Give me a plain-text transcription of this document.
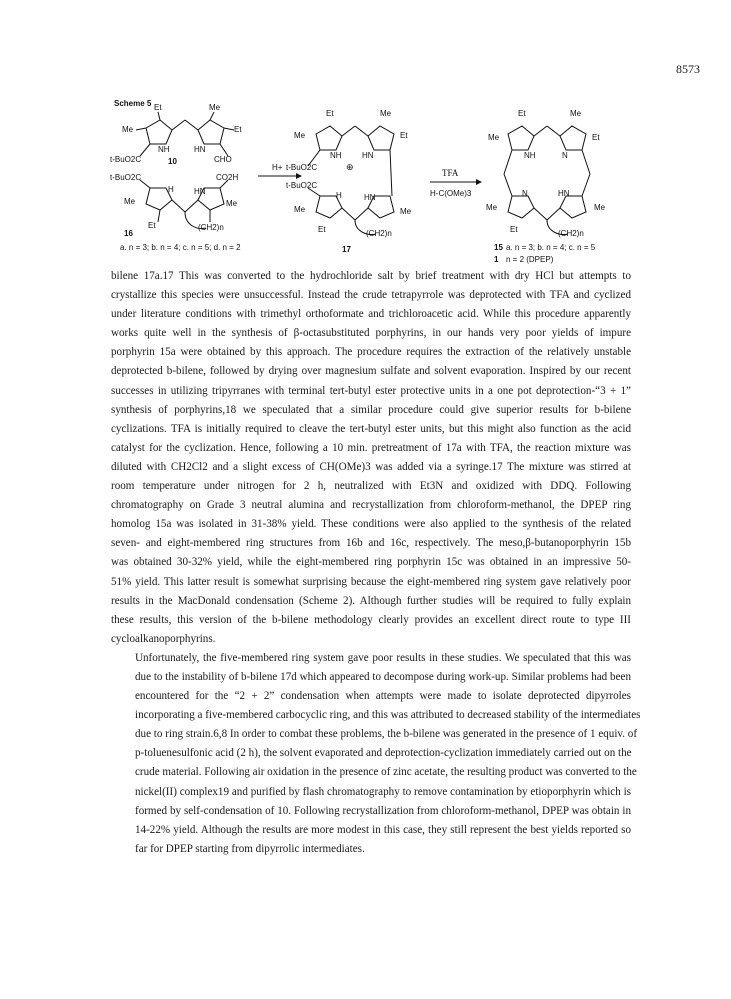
8573
Scheme 5 Et	Me
Me	Et
NH	HN
t-BuO2C	10	CHO
t-BuO2C	CO2H
H	HN
Me	Me
Et	(CH2)n
16
a. n = 3; b. n = 4; c. n = 5; d. n = 2
H+
Et	Me
Me	Et
NH	HN
⊕
t-BuO2C
t-BuO2C
H	HN
Me	Me
Et	(CH2)n
17
TFA
H-C(OMe)3
Et	Me
Me	Et
NH	N
N	HN
Me	Me
Et	(CH2)n
15 a. n = 3; b. n = 4; c. n = 5
1 n = 2 (DPEP)

bilene 17a.17 This was converted to the hydrochloride salt by brief treatment with dry HCl but attempts to
crystallize this species were unsuccessful. Instead the crude tetrapyrrole was deprotected with TFA and cyclized
under literature conditions with trimethyl orthoformate and trichloroacetic acid. While this procedure apparently
works quite well in the synthesis of β-octasubstituted porphyrins, in our hands very poor yields of impure
porphyrin 15a were obtained by this approach. The procedure requires the extraction of the relatively unstable
deprotected b-bilene, followed by drying over magnesium sulfate and solvent evaporation. Inspired by our recent
successes in utilizing tripyrranes with terminal tert-butyl ester protective units in a one pot deprotection-“3 + 1”
synthesis of porphyrins,18 we speculated that a similar procedure could give superior results for b-bilene
cyclizations. TFA is initially required to cleave the tert-butyl ester units, but this might also function as the acid
catalyst for the cyclization. Hence, following a 10 min. pretreatment of 17a with TFA, the reaction mixture was
diluted with CH2Cl2 and a slight excess of CH(OMe)3 was added via a syringe.17 The mixture was stirred at
room temperature under nitrogen for 2 h, neutralized with Et3N and oxidized with DDQ. Following
chromatography on Grade 3 neutral alumina and recrystallization from chloroform-methanol, the DPEP ring
homolog 15a was isolated in 31-38% yield. These conditions were also applied to the synthesis of the related
seven- and eight-membered ring structures from 16b and 16c, respectively. The meso,β-butanoporphyrin 15b
was obtained 30-32% yield, while the eight-membered ring porphyrin 15c was obtained in an impressive 50-
51% yield. This latter result is somewhat surprising because the eight-membered ring system gave relatively poor
results in the MacDonald condensation (Scheme 2). Although further studies will be required to fully explain
these results, this version of the b-bilene methodology clearly provides an excellent direct route to type III
cycloalkanoporphyrins.

Unfortunately, the five-membered ring system gave poor results in these studies. We speculated that this was
due to the instability of b-bilene 17d which appeared to decompose during work-up. Similar problems had been
encountered for the “2 + 2” condensation when attempts were made to isolate deprotected dipyrroles
incorporating a five-membered carbocyclic ring, and this was attributed to decreased stability of the intermediates
due to ring strain.6,8 In order to combat these problems, the b-bilene was generated in the presence of 1 equiv. of
p-toluenesulfonic acid (2 h), the solvent evaporated and deprotection-cyclization immediately carried out on the
crude material. Following air oxidation in the presence of zinc acetate, the resulting product was converted to the
nickel(II) complex19 and purified by flash chromatography to remove contamination by etioporphyrin which is
formed by self-condensation of 10. Following recrystallization from chloroform-methanol, DPEP was obtain in
14-22% yield. Although the results are more modest in this case, they still represent the best yields reported so
far for DPEP starting from dipyrrolic intermediates.
